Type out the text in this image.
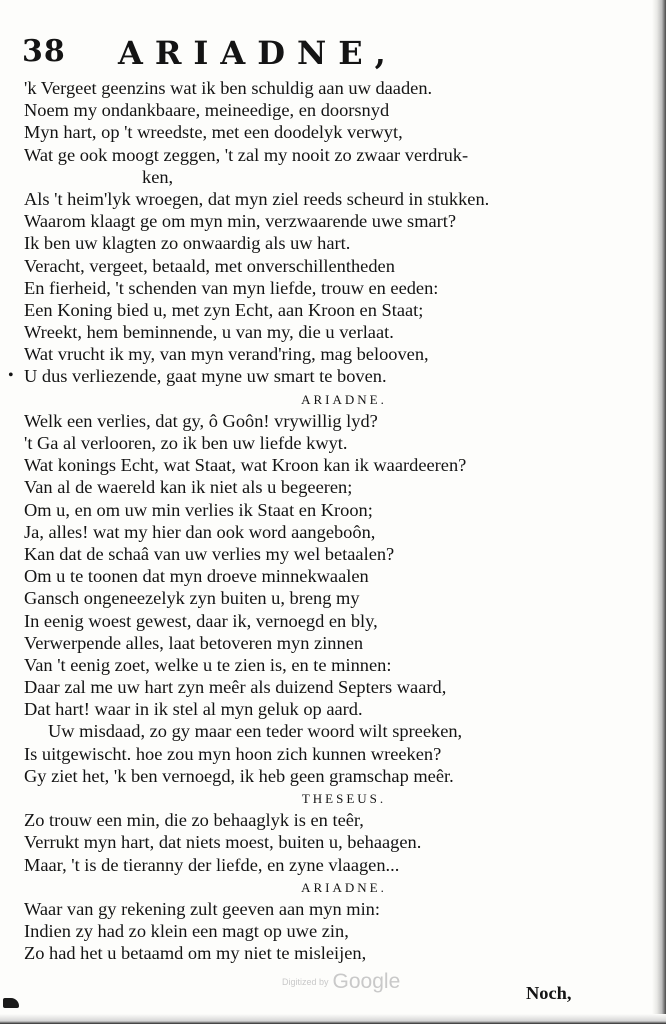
38 ARIADNE,
'k Vergeet geenzins wat ik ben schuldig aan uw daaden.
Noem my ondankbaare, meineedige, en doorsnyd
Myn hart, op 't wreedste, met een doodelyk verwyt,
Wat ge ook moogt zeggen, 't zal my nooit zo zwaar verdruk-
ken,
Als 't heim'lyk wroegen, dat myn ziel reeds scheurd in stukken.
Waarom klaagt ge om myn min, verzwaarende uwe smart?
Ik ben uw klagten zo onwaardig als uw hart.
Veracht, vergeet, betaald, met onverschillentheden
En fierheid, 't schenden van myn liefde, trouw en eeden:
Een Koning bied u, met zyn Echt, aan Kroon en Staat;
Wreekt, hem beminnende, u van my, die u verlaat.
Wat vrucht ik my, van myn verand'ring, mag belooven,
• U dus verliezende, gaat myne uw smart te boven.
ARIADNE.
Welk een verlies, dat gy, ô Goôn! vrywillig lyd?
't Ga al verlooren, zo ik ben uw liefde kwyt.
Wat konings Echt, wat Staat, wat Kroon kan ik waardeeren?
Van al de waereld kan ik niet als u begeeren;
Om u, en om uw min verlies ik Staat en Kroon;
Ja, alles! wat my hier dan ook word aangeboôn,
Kan dat de schaâ van uw verlies my wel betaalen?
Om u te toonen dat myn droeve minnekwaalen
Gansch ongeneezelyk zyn buiten u, breng my
In eenig woest gewest, daar ik, vernoegd en bly,
Verwerpende alles, laat betoveren myn zinnen
Van 't eenig zoet, welke u te zien is, en te minnen:
Daar zal me uw hart zyn meêr als duizend Septers waard,
Dat hart! waar in ik stel al myn geluk op aard.
Uw misdaad, zo gy maar een teder woord wilt spreeken,
Is uitgewischt. hoe zou myn hoon zich kunnen wreeken?
Gy ziet het, 'k ben vernoegd, ik heb geen gramschap meêr.
THESEUS.
Zo trouw een min, die zo behaaglyk is en teêr,
Verrukt myn hart, dat niets moest, buiten u, behaagen.
Maar, 't is de tieranny der liefde, en zyne vlaagen...
ARIADNE.
Waar van gy rekening zult geeven aan myn min:
Indien zy had zo klein een magt op uwe zin,
Zo had het u betaamd om my niet te misleijen,
Digitized by Google	Noch,
